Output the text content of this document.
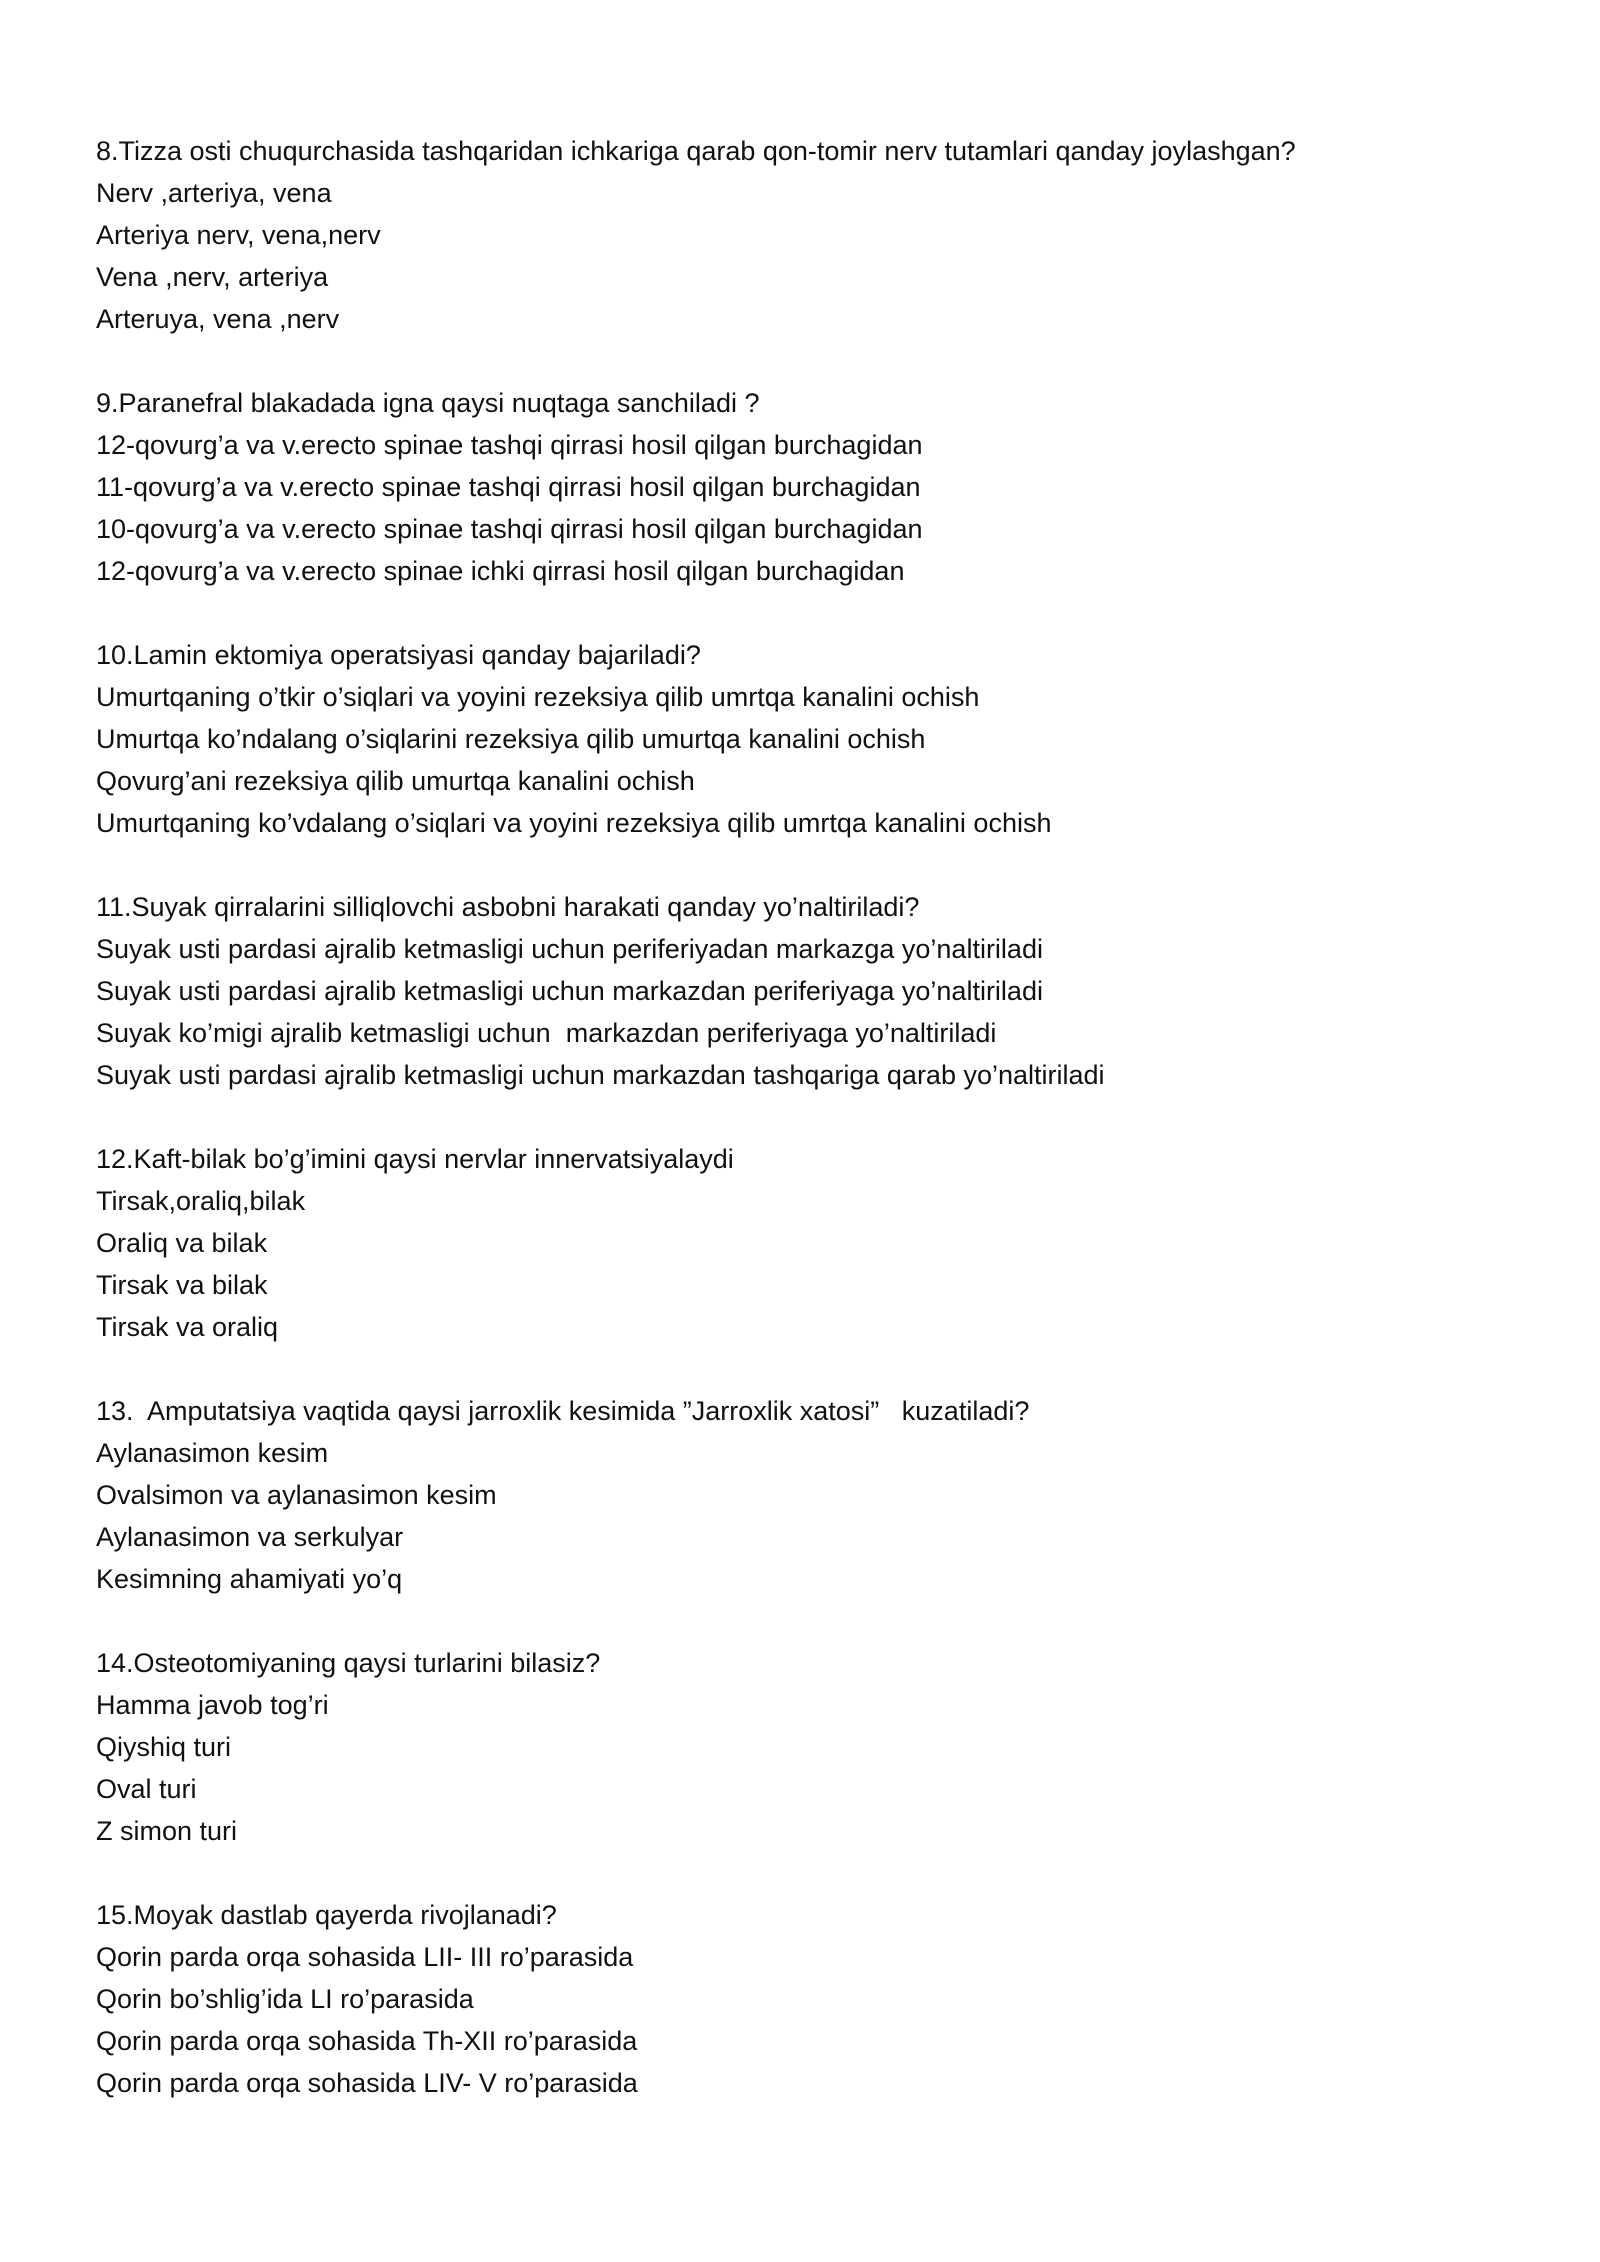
8.Tizza osti chuqurchasida tashqaridan ichkariga qarab qon-tomir nerv tutamlari qanday joylashgan?
Nerv ,arteriya, vena
Arteriya nerv, vena,nerv
Vena ,nerv, arteriya
Arteruya, vena ,nerv
9.Paranefral blakadada igna qaysi nuqtaga sanchiladi ?
12-qovurg’a va v.erecto spinae tashqi qirrasi hosil qilgan burchagidan
11-qovurg’a va v.erecto spinae tashqi qirrasi hosil qilgan burchagidan
10-qovurg’a va v.erecto spinae tashqi qirrasi hosil qilgan burchagidan
12-qovurg’a va v.erecto spinae ichki qirrasi hosil qilgan burchagidan
10.Lamin ektomiya operatsiyasi qanday bajariladi?
Umurtqaning o’tkir o’siqlari va yoyini rezeksiya qilib umrtqa kanalini ochish
Umurtqa ko’ndalang o’siqlarini rezeksiya qilib umurtqa kanalini ochish
Qovurg’ani rezeksiya qilib umurtqa kanalini ochish
Umurtqaning ko’vdalang o’siqlari va yoyini rezeksiya qilib umrtqa kanalini ochish
11.Suyak qirralarini silliqlovchi asbobni harakati qanday yo’naltiriladi?
Suyak usti pardasi ajralib ketmasligi uchun periferiyadan markazga yo’naltiriladi
Suyak usti pardasi ajralib ketmasligi uchun markazdan periferiyaga yo’naltiriladi
Suyak ko’migi ajralib ketmasligi uchun  markazdan periferiyaga yo’naltiriladi
Suyak usti pardasi ajralib ketmasligi uchun markazdan tashqariga qarab yo’naltiriladi
12.Kaft-bilak bo’g’imini qaysi nervlar innervatsiyalaydi
Tirsak,oraliq,bilak
Oraliq va bilak
Tirsak va bilak
Tirsak va oraliq
13.  Amputatsiya vaqtida qaysi jarroxlik kesimida ”Jarroxlik xatosi”   kuzatiladi?
Aylanasimon kesim
Ovalsimon va aylanasimon kesim
Aylanasimon va serkulyar
Kesimning ahamiyati yo’q
14.Osteotomiyaning qaysi turlarini bilasiz?
Hamma javob tog’ri
Qiyshiq turi
Oval turi
Z simon turi
15.Moyak dastlab qayerda rivojlanadi?
Qorin parda orqa sohasida LII- III ro’parasida
Qorin bo’shlig’ida LI ro’parasida
Qorin parda orqa sohasida Th-XII ro’parasida
Qorin parda orqa sohasida LIV- V ro’parasida
